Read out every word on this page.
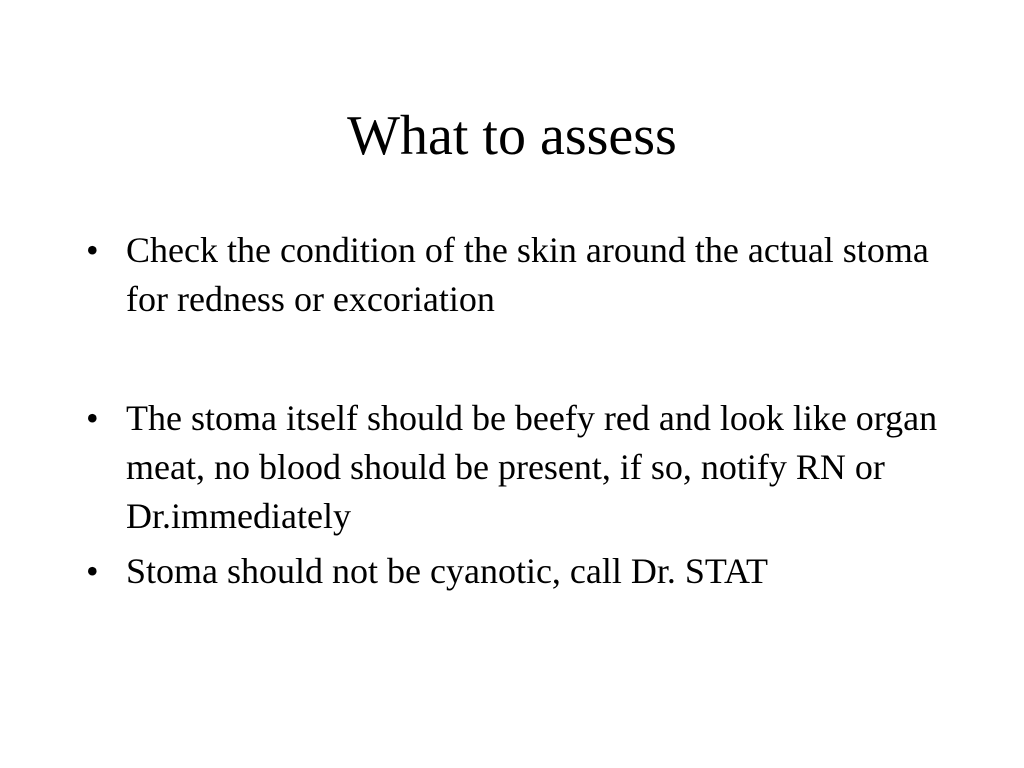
What to assess
• Check the condition of the skin around the actual stoma for redness or excoriation
• The stoma itself should be beefy red and look like organ meat, no blood should be present, if so, notify RN or Dr.immediately
• Stoma should not be cyanotic, call Dr. STAT
